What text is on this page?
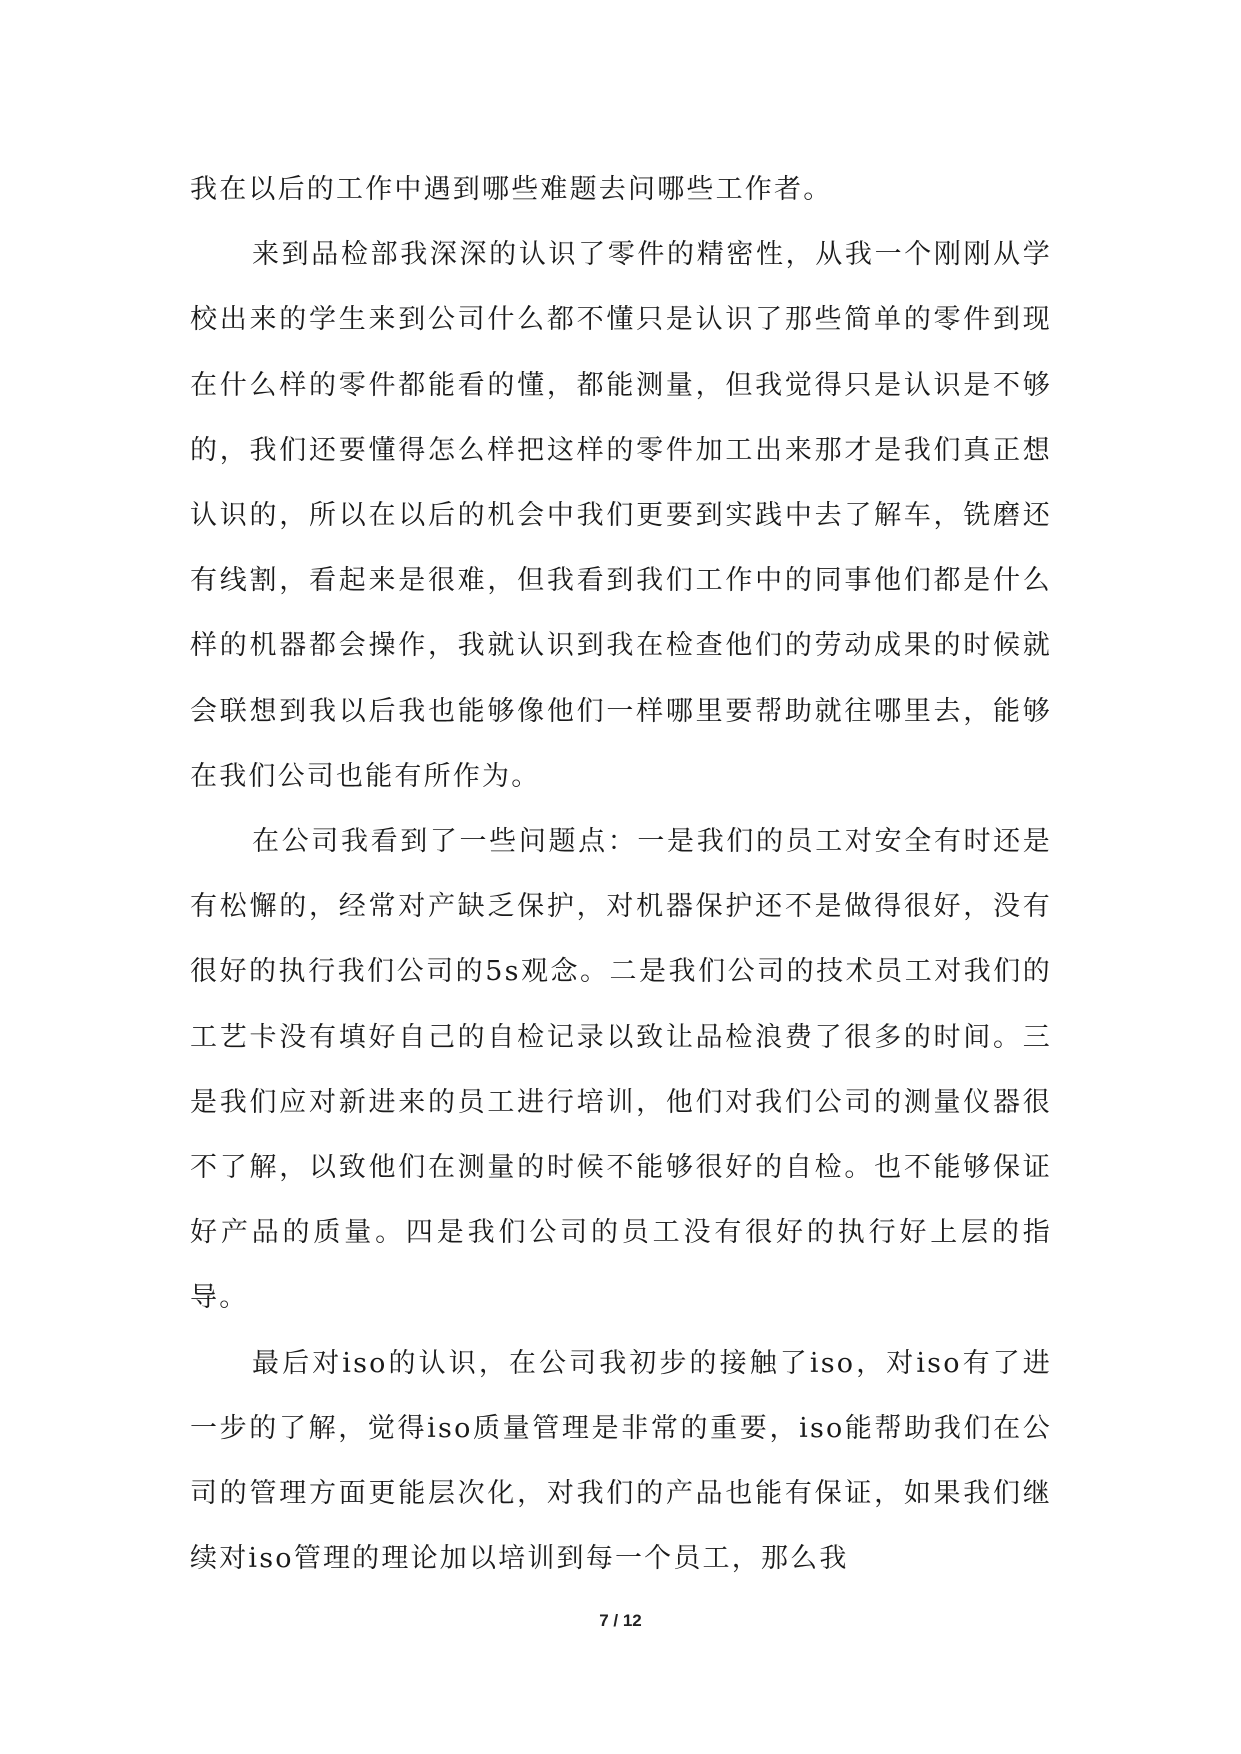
我在以后的工作中遇到哪些难题去问哪些工作者。

来到品检部我深深的认识了零件的精密性，从我一个刚刚从学校出来的学生来到公司什么都不懂只是认识了那些简单的零件到现在什么样的零件都能看的懂，都能测量，但我觉得只是认识是不够的，我们还要懂得怎么样把这样的零件加工出来那才是我们真正想认识的，所以在以后的机会中我们更要到实践中去了解车，铣磨还有线割，看起来是很难，但我看到我们工作中的同事他们都是什么样的机器都会操作，我就认识到我在检查他们的劳动成果的时候就会联想到我以后我也能够像他们一样哪里要帮助就往哪里去，能够在我们公司也能有所作为。

在公司我看到了一些问题点：一是我们的员工对安全有时还是有松懈的，经常对产缺乏保护，对机器保护还不是做得很好，没有很好的执行我们公司的5s观念。二是我们公司的技术员工对我们的工艺卡没有填好自己的自检记录以致让品检浪费了很多的时间。三是我们应对新进来的员工进行培训，他们对我们公司的测量仪器很不了解，以致他们在测量的时候不能够很好的自检。也不能够保证好产品的质量。四是我们公司的员工没有很好的执行好上层的指导。

最后对iso的认识，在公司我初步的接触了iso，对iso有了进一步的了解，觉得iso质量管理是非常的重要，iso能帮助我们在公司的管理方面更能层次化，对我们的产品也能有保证，如果我们继续对iso管理的理论加以培训到每一个员工，那么我

7 / 12
